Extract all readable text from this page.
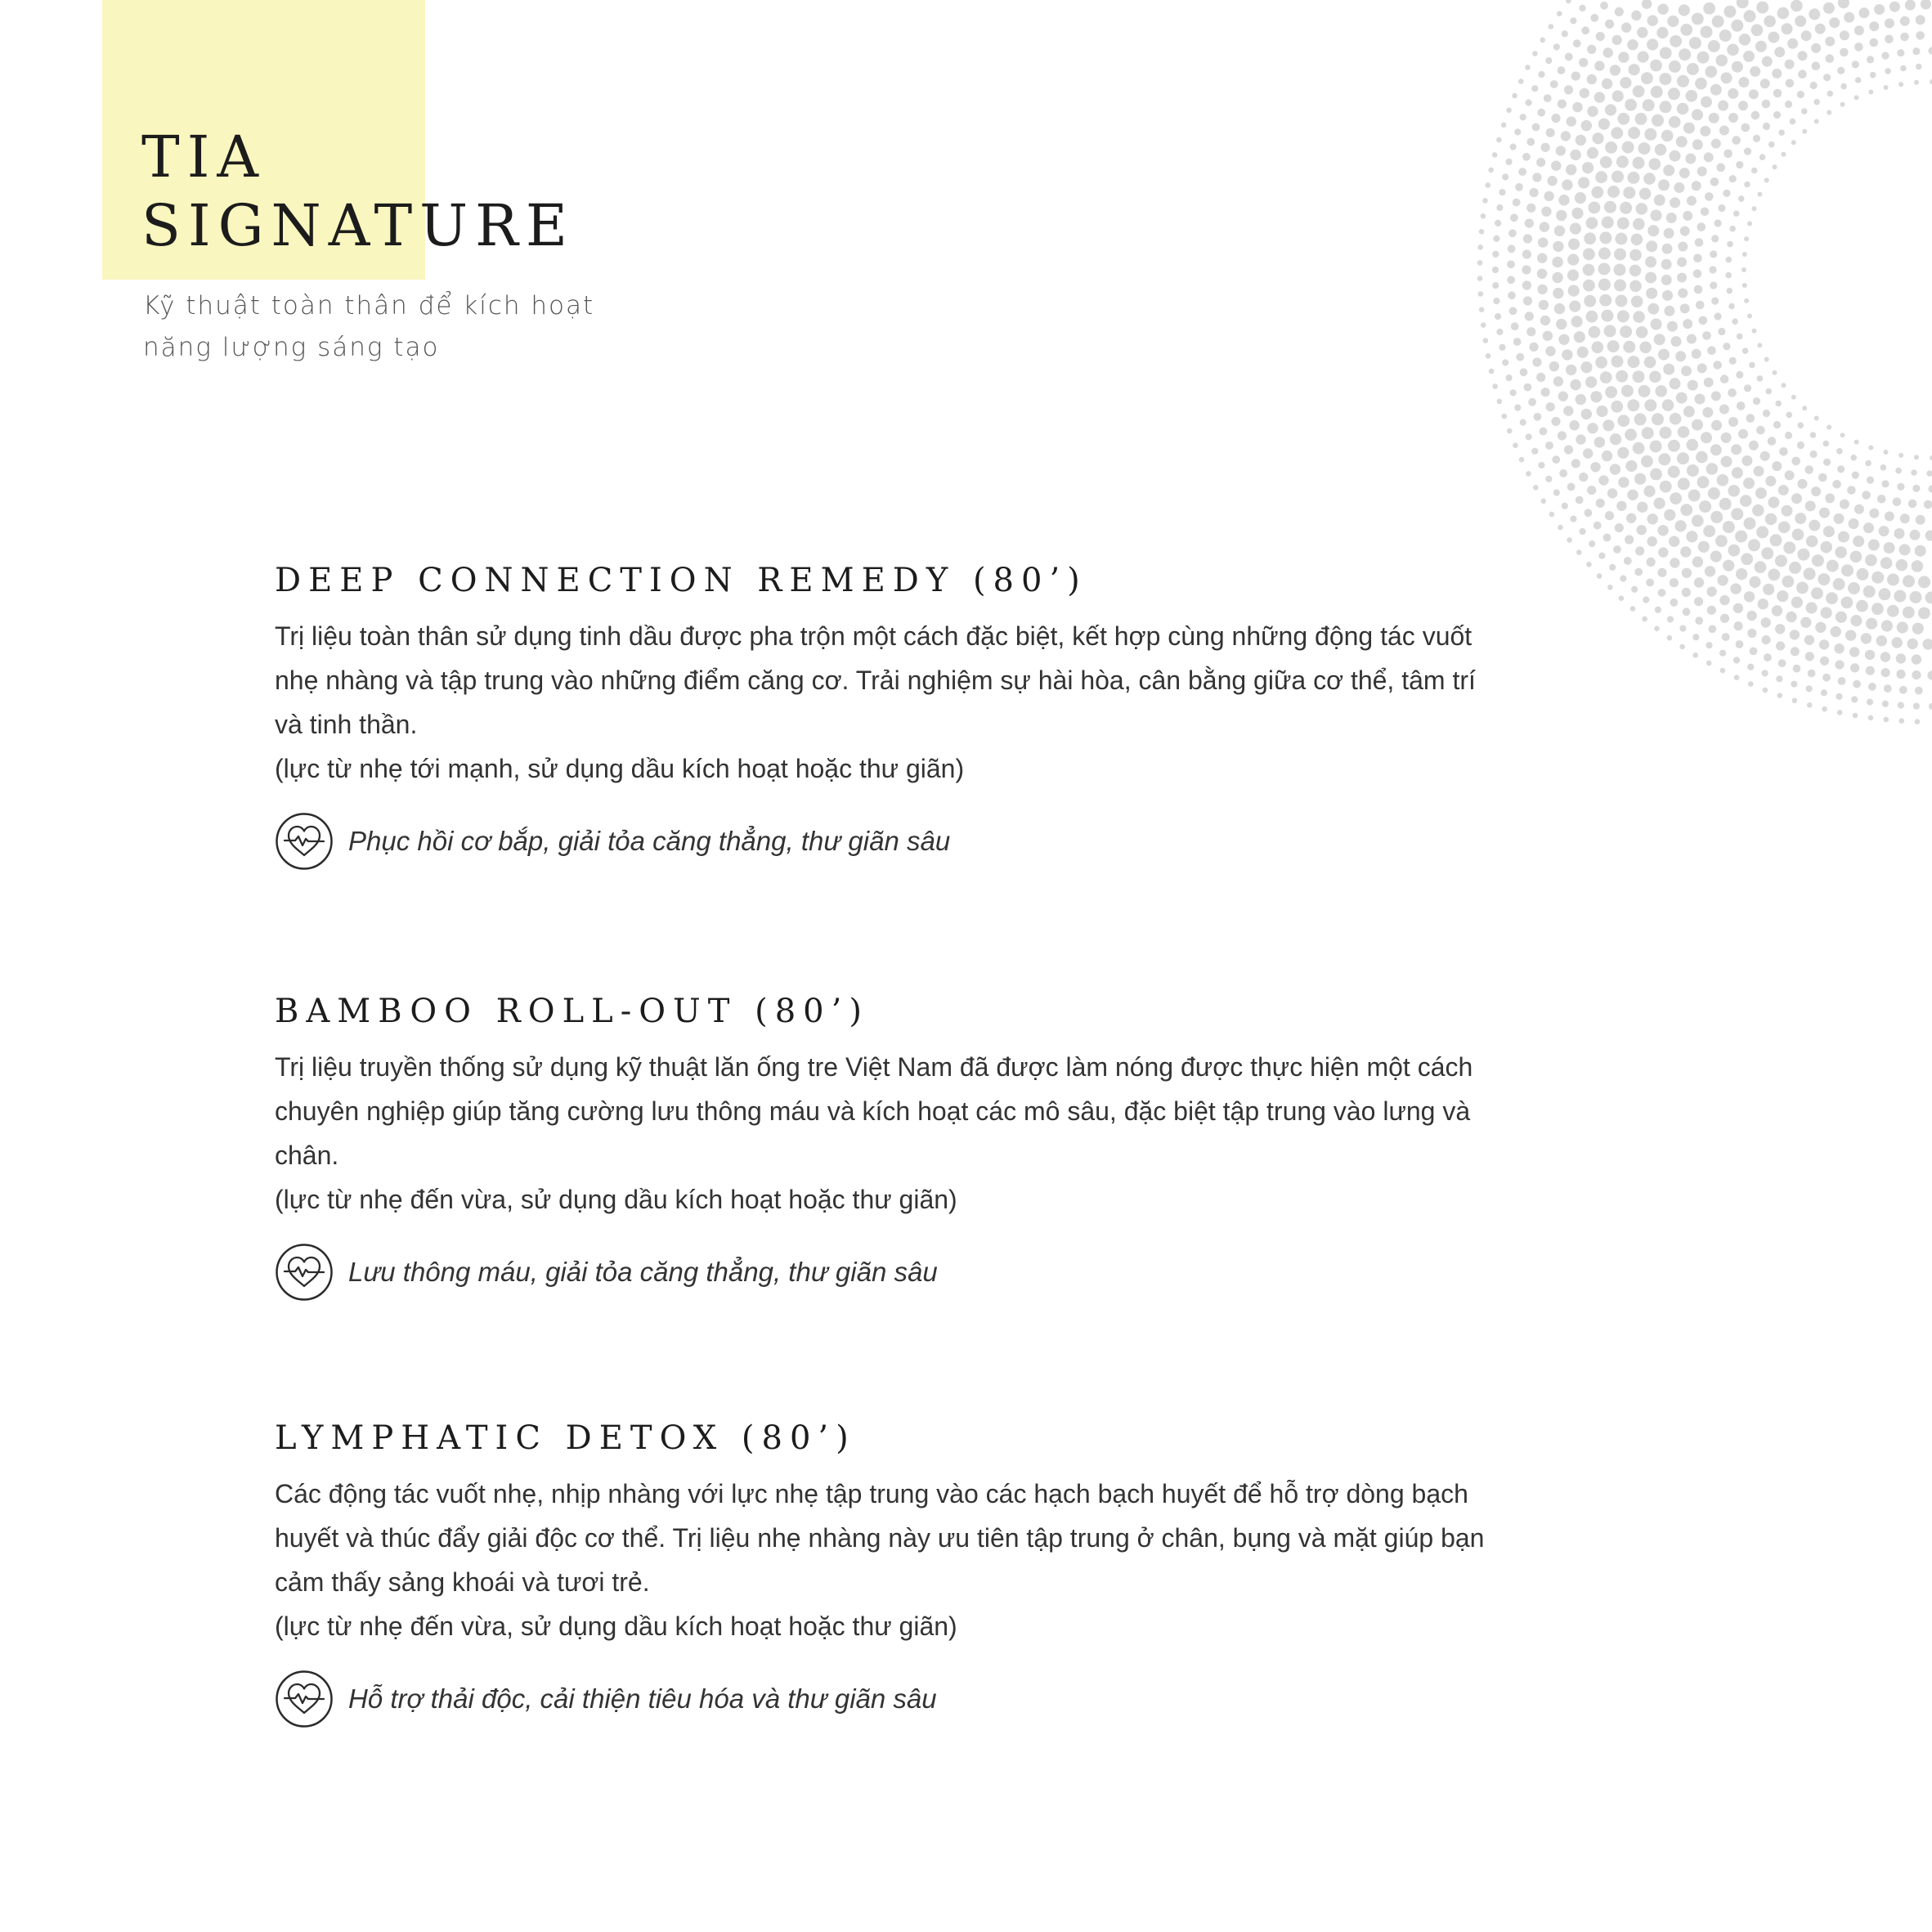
TIA
SIGNATURE

Kỹ thuật toàn thân để kích hoạt năng lượng sáng tạo

DEEP CONNECTION REMEDY (80’)

Trị liệu toàn thân sử dụng tinh dầu được pha trộn một cách đặc biệt, kết hợp cùng những động tác vuốt nhẹ nhàng và tập trung vào những điểm căng cơ. Trải nghiệm sự hài hòa, cân bằng giữa cơ thể, tâm trí và tinh thần.

(lực từ nhẹ tới mạnh, sử dụng dầu kích hoạt hoặc thư giãn)

Phục hồi cơ bắp, giải tỏa căng thẳng, thư giãn sâu
BAMBOO ROLL-OUT (80’)

Trị liệu truyền thống sử dụng kỹ thuật lăn ống tre Việt Nam đã được làm nóng được thực hiện một cách chuyên nghiệp giúp tăng cường lưu thông máu và kích hoạt các mô sâu, đặc biệt tập trung vào lưng và chân.

(lực từ nhẹ đến vừa, sử dụng dầu kích hoạt hoặc thư giãn)

Lưu thông máu, giải tỏa căng thẳng, thư giãn sâu
LYMPHATIC DETOX (80’)

Các động tác vuốt nhẹ, nhịp nhàng với lực nhẹ tập trung vào các hạch bạch huyết để hỗ trợ dòng bạch huyết và thúc đẩy giải độc cơ thể. Trị liệu nhẹ nhàng này ưu tiên tập trung ở chân, bụng và mặt giúp bạn cảm thấy sảng khoái và tươi trẻ.

(lực từ nhẹ đến vừa, sử dụng dầu kích hoạt hoặc thư giãn)

Hỗ trợ thải độc, cải thiện tiêu hóa và thư giãn sâu
